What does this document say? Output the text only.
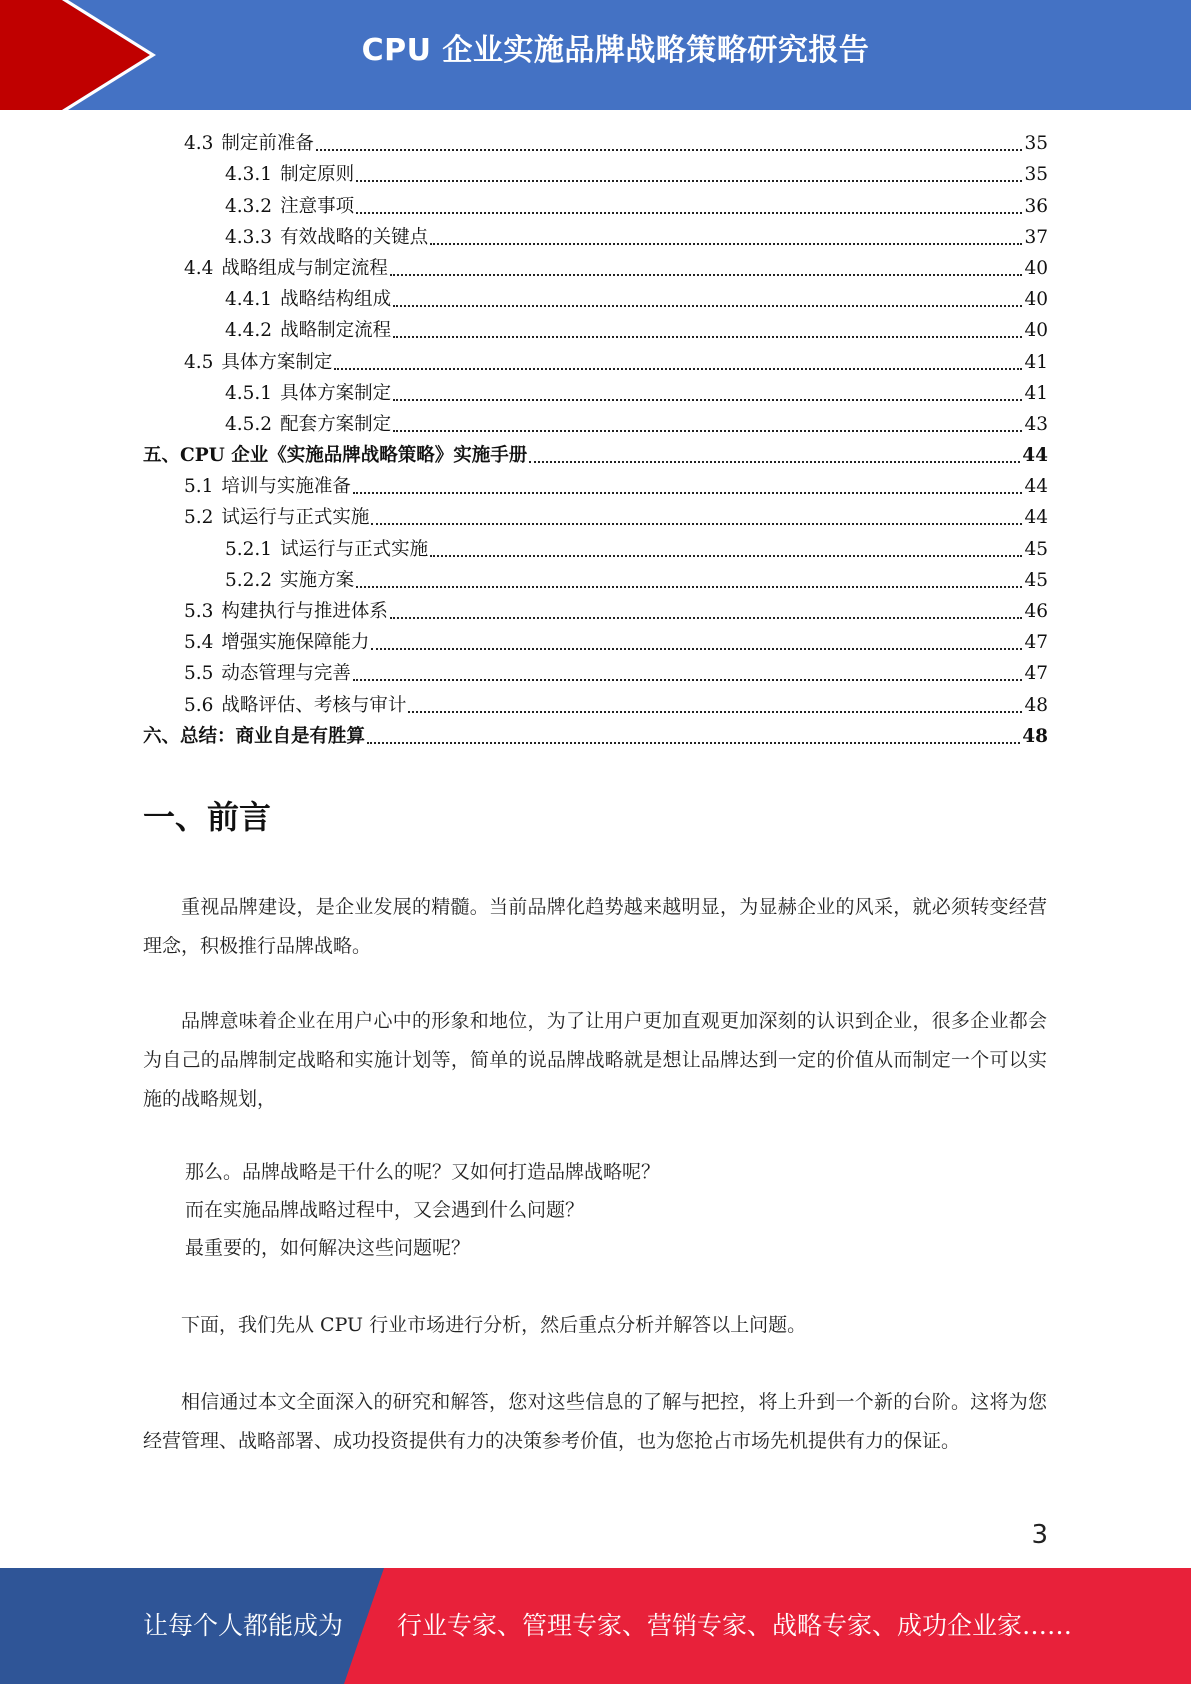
CPU 企业实施品牌战略策略研究报告
4.3 制定前准备	35
4.3.1 制定原则	35
4.3.2 注意事项	36
4.3.3 有效战略的关键点	37
4.4 战略组成与制定流程	40
4.4.1 战略结构组成	40
4.4.2 战略制定流程	40
4.5 具体方案制定	41
4.5.1 具体方案制定	41
4.5.2 配套方案制定	43
五、 CPU 企业《实施品牌战略策略》实施手册	44
5.1 培训与实施准备	44
5.2 试运行与正式实施	44
5.2.1 试运行与正式实施	45
5.2.2 实施方案	45
5.3 构建执行与推进体系	46
5.4 增强实施保障能力	47
5.5 动态管理与完善	47
5.6 战略评估、考核与审计	48
六、 总结：商业自是有胜算	48
一、前言
重视品牌建设，是企业发展的精髓。当前品牌化趋势越来越明显，为显赫企业的风采，就必须转变经营理念，积极推行品牌战略。
品牌意味着企业在用户心中的形象和地位，为了让用户更加直观更加深刻的认识到企业，很多企业都会为自己的品牌制定战略和实施计划等，简单的说品牌战略就是想让品牌达到一定的价值从而制定一个可以实施的战略规划，
那么。品牌战略是干什么的呢？又如何打造品牌战略呢？
而在实施品牌战略过程中，又会遇到什么问题？
最重要的，如何解决这些问题呢？
下面，我们先从 CPU 行业市场进行分析，然后重点分析并解答以上问题。
相信通过本文全面深入的研究和解答，您对这些信息的了解与把控，将上升到一个新的台阶。这将为您经营管理、战略部署、成功投资提供有力的决策参考价值，也为您抢占市场先机提供有力的保证。
3
让每个人都能成为 行业专家、管理专家、营销专家、战略专家、成功企业家……
